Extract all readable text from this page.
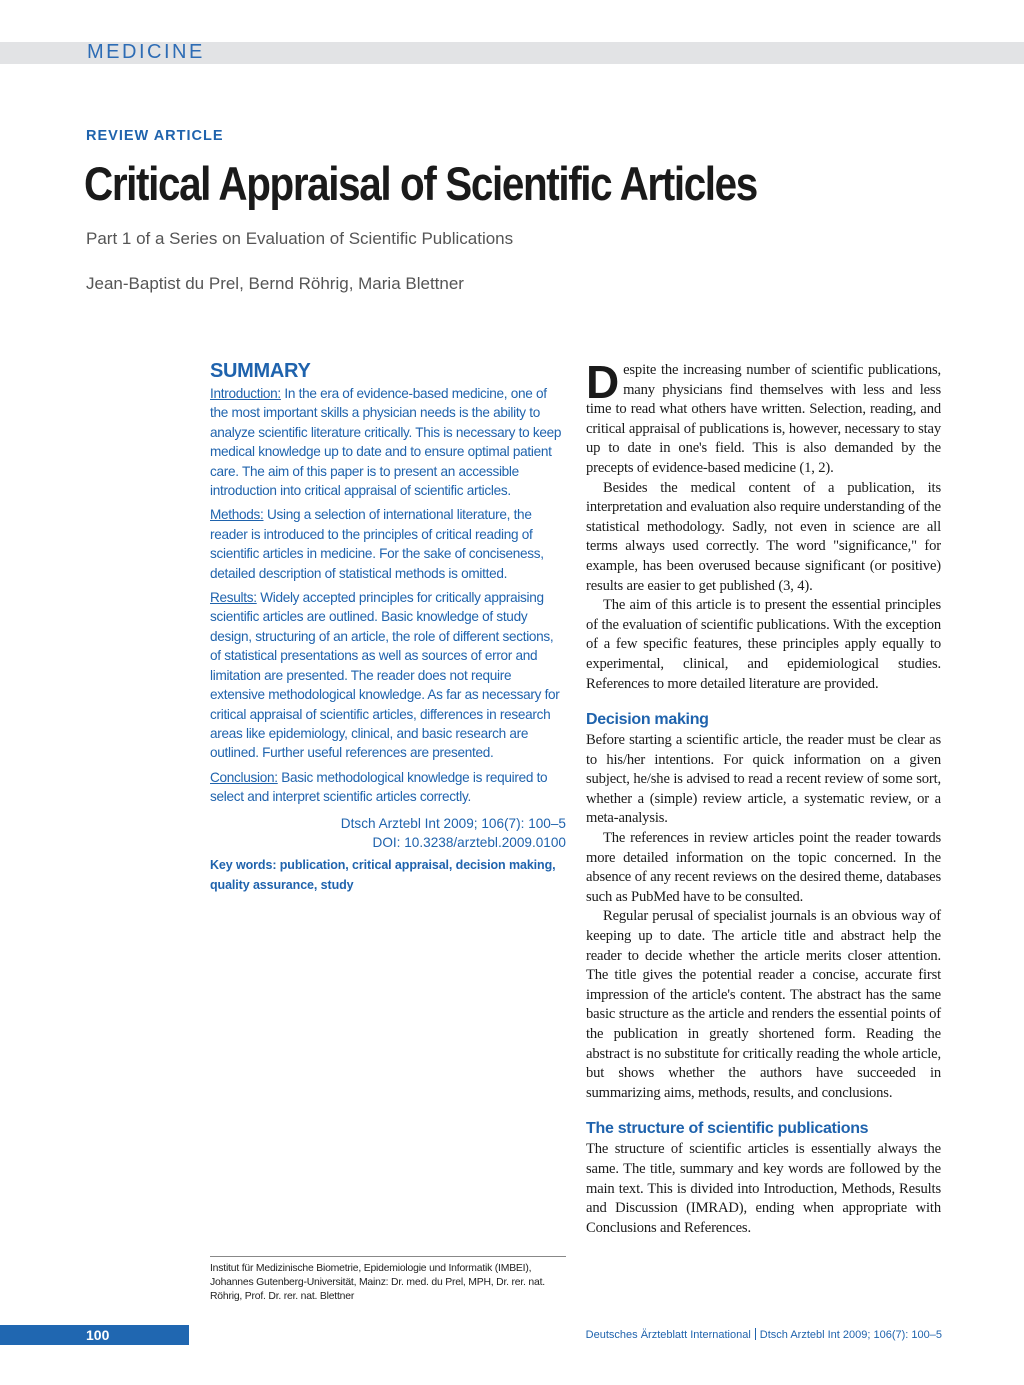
MEDICINE
REVIEW ARTICLE
Critical Appraisal of Scientific Articles
Part 1 of a Series on Evaluation of Scientific Publications
Jean-Baptist du Prel, Bernd Röhrig, Maria Blettner
SUMMARY

Introduction: In the era of evidence-based medicine, one of the most important skills a physician needs is the ability to analyze scientific literature critically. This is necessary to keep medical knowledge up to date and to ensure optimal patient care. The aim of this paper is to present an accessible introduction into critical appraisal of scientific articles.

Methods: Using a selection of international literature, the reader is introduced to the principles of critical reading of scientific articles in medicine. For the sake of conciseness, detailed description of statistical methods is omitted.

Results: Widely accepted principles for critically appraising scientific articles are outlined. Basic knowledge of study design, structuring of an article, the role of different sections, of statistical presentations as well as sources of error and limitation are presented. The reader does not require extensive methodological knowledge. As far as necessary for critical appraisal of scientific articles, differences in research areas like epidemiology, clinical, and basic research are outlined. Further useful references are presented.

Conclusion: Basic methodological knowledge is required to select and interpret scientific articles correctly.

Dtsch Arztebl Int 2009; 106(7): 100–5
DOI: 10.3238/arztebl.2009.0100
Key words: publication, critical appraisal, decision making, quality assurance, study

Despite the increasing number of scientific publications, many physicians find themselves with less and less time to read what others have written. Selection, reading, and critical appraisal of publications is, however, necessary to stay up to date in one's field. This is also demanded by the precepts of evidence-based medicine (1, 2).

Besides the medical content of a publication, its interpretation and evaluation also require understanding of the statistical methodology. Sadly, not even in science are all terms always used correctly. The word "significance," for example, has been overused because significant (or positive) results are easier to get published (3, 4).

The aim of this article is to present the essential principles of the evaluation of scientific publications. With the exception of a few specific features, these principles apply equally to experimental, clinical, and epidemiological studies. References to more detailed literature are provided.

Decision making

Before starting a scientific article, the reader must be clear as to his/her intentions. For quick information on a given subject, he/she is advised to read a recent review of some sort, whether a (simple) review article, a systematic review, or a meta-analysis.

The references in review articles point the reader towards more detailed information on the topic concerned. In the absence of any recent reviews on the desired theme, databases such as PubMed have to be consulted.

Regular perusal of specialist journals is an obvious way of keeping up to date. The article title and abstract help the reader to decide whether the article merits closer attention. The title gives the potential reader a concise, accurate first impression of the article's content. The abstract has the same basic structure as the article and renders the essential points of the publication in greatly shortened form. Reading the abstract is no substitute for critically reading the whole article, but shows whether the authors have succeeded in summarizing aims, methods, results, and conclusions.

The structure of scientific publications

The structure of scientific articles is essentially always the same. The title, summary and key words are followed by the main text. This is divided into Introduction, Methods, Results and Discussion (IMRAD), ending when appropriate with Conclusions and References.

Institut für Medizinische Biometrie, Epidemiologie und Informatik (IMBEI), Johannes Gutenberg-Universität, Mainz: Dr. med. du Prel, MPH, Dr. rer. nat. Röhrig, Prof. Dr. rer. nat. Blettner
100	Deutsches Ärzteblatt International Dtsch Arztebl Int 2009; 106(7): 100–5
